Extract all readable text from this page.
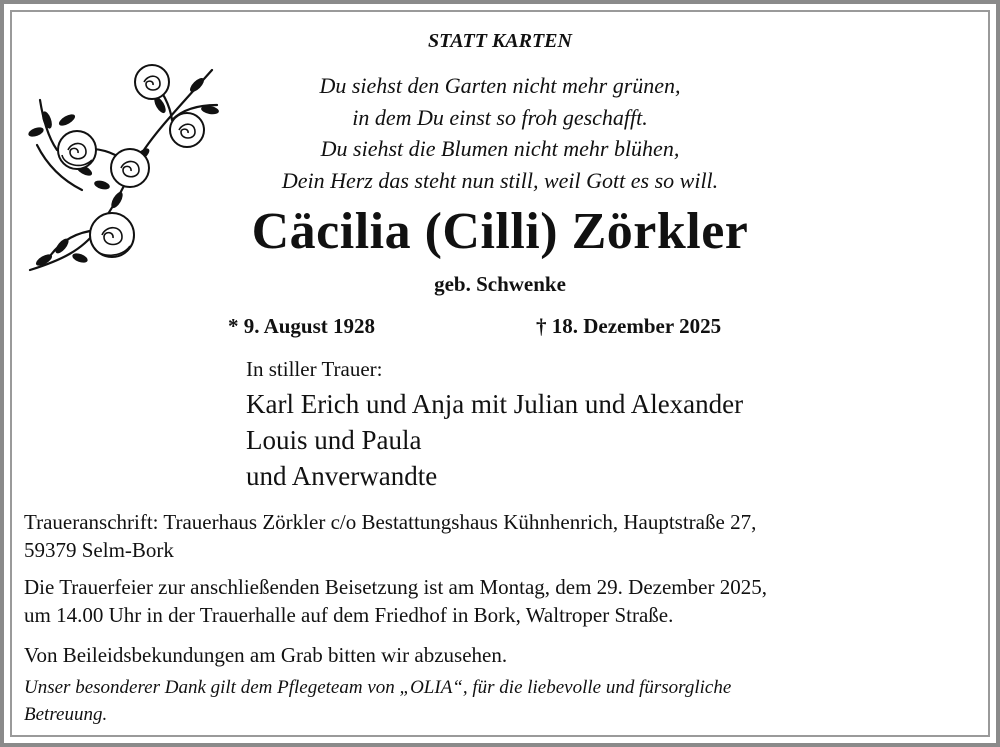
STATT KARTEN
Du siehst den Garten nicht mehr grünen,
in dem Du einst so froh geschafft.
Du siehst die Blumen nicht mehr blühen,
Dein Herz das steht nun still, weil Gott es so will.
Cäcilia (Cilli) Zörkler
geb. Schwenke
* 9. August 1928	† 18. Dezember 2025
In stiller Trauer:
Karl Erich und Anja mit Julian und Alexander
Louis und Paula
und Anverwandte
Traueranschrift: Trauerhaus Zörkler c/o Bestattungshaus Kühnhenrich, Hauptstraße 27,
59379 Selm-Bork
Die Trauerfeier zur anschließenden Beisetzung ist am Montag, dem 29. Dezember 2025,
um 14.00 Uhr in der Trauerhalle auf dem Friedhof in Bork, Waltroper Straße.
Von Beileidsbekundungen am Grab bitten wir abzusehen.
Unser besonderer Dank gilt dem Pflegeteam von „OLIA“, für die liebevolle und fürsorgliche
Betreuung.
